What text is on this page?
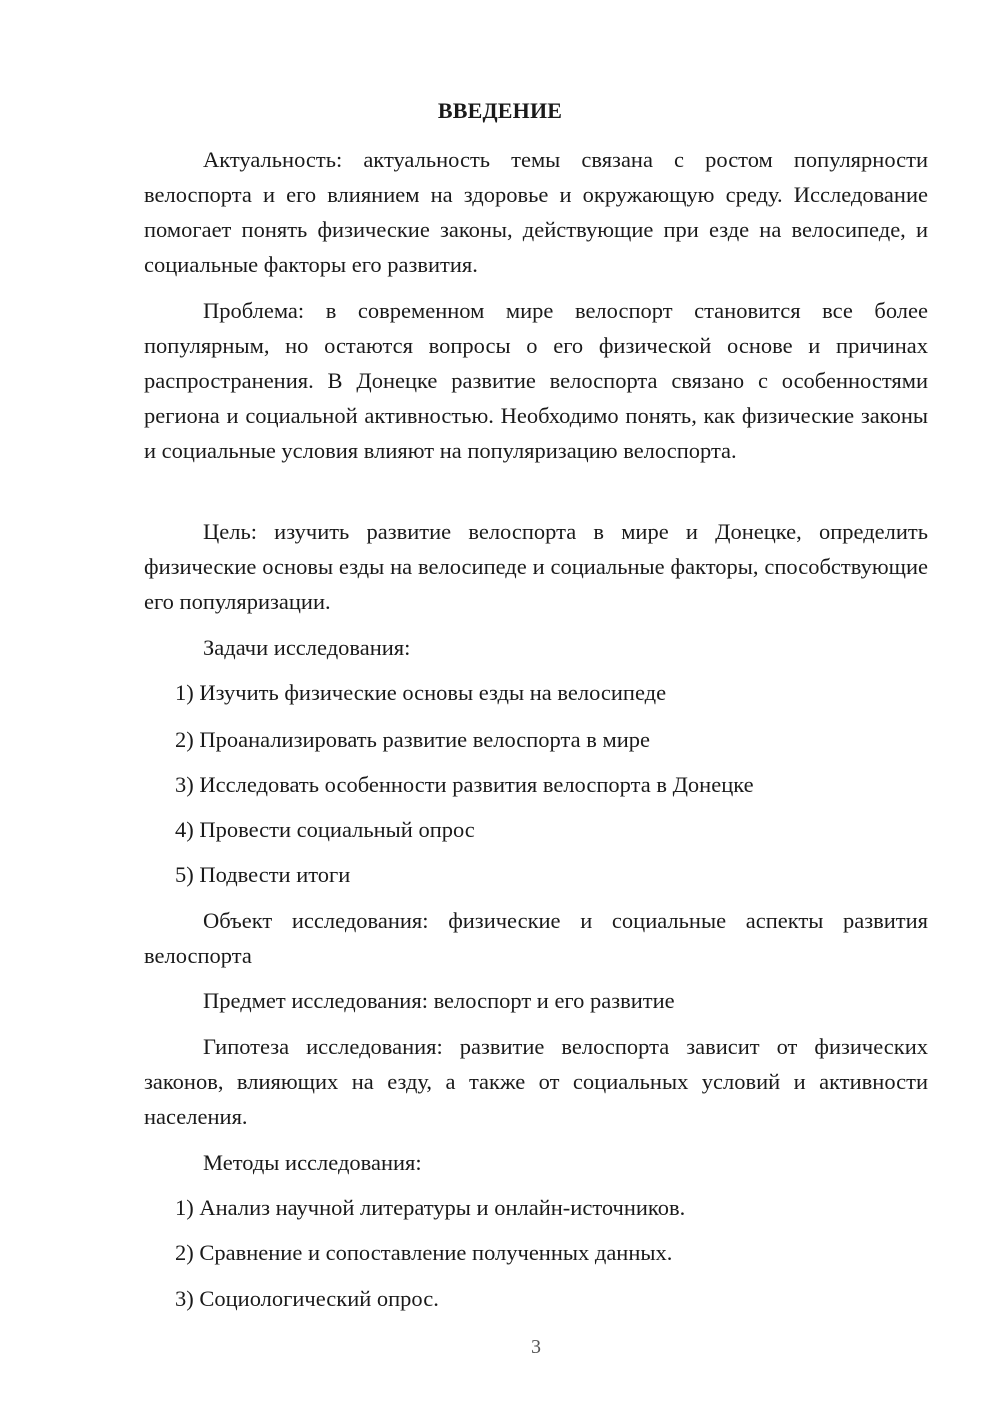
ВВЕДЕНИЕ

Актуальность: актуальность темы связана с ростом популярности велоспорта и его влиянием на здоровье и окружающую среду. Исследование помогает понять физические законы, действующие при езде на велосипеде, и социальные факторы его развития.

Проблема: в современном мире велоспорт становится все более популярным, но остаются вопросы о его физической основе и причинах распространения. В Донецке развитие велоспорта связано с особенностями региона и социальной активностью. Необходимо понять, как физические законы и социальные условия влияют на популяризацию велоспорта.

Цель: изучить развитие велоспорта в мире и Донецке, определить физические основы езды на велосипеде и социальные факторы, способствующие его популяризации.

Задачи исследования:

1) Изучить физические основы езды на велосипеде

2) Проанализировать развитие велоспорта в мире

3) Исследовать особенности развития велоспорта в Донецке

4) Провести социальный опрос

5) Подвести итоги

Объект исследования: физические и социальные аспекты развития велоспорта

Предмет исследования: велоспорт и его развитие

Гипотеза исследования: развитие велоспорта зависит от физических законов, влияющих на езду, а также от социальных условий и активности населения.

Методы исследования:

1) Анализ научной литературы и онлайн-источников.

2) Сравнение и сопоставление полученных данных.

3) Социологический опрос.

3
